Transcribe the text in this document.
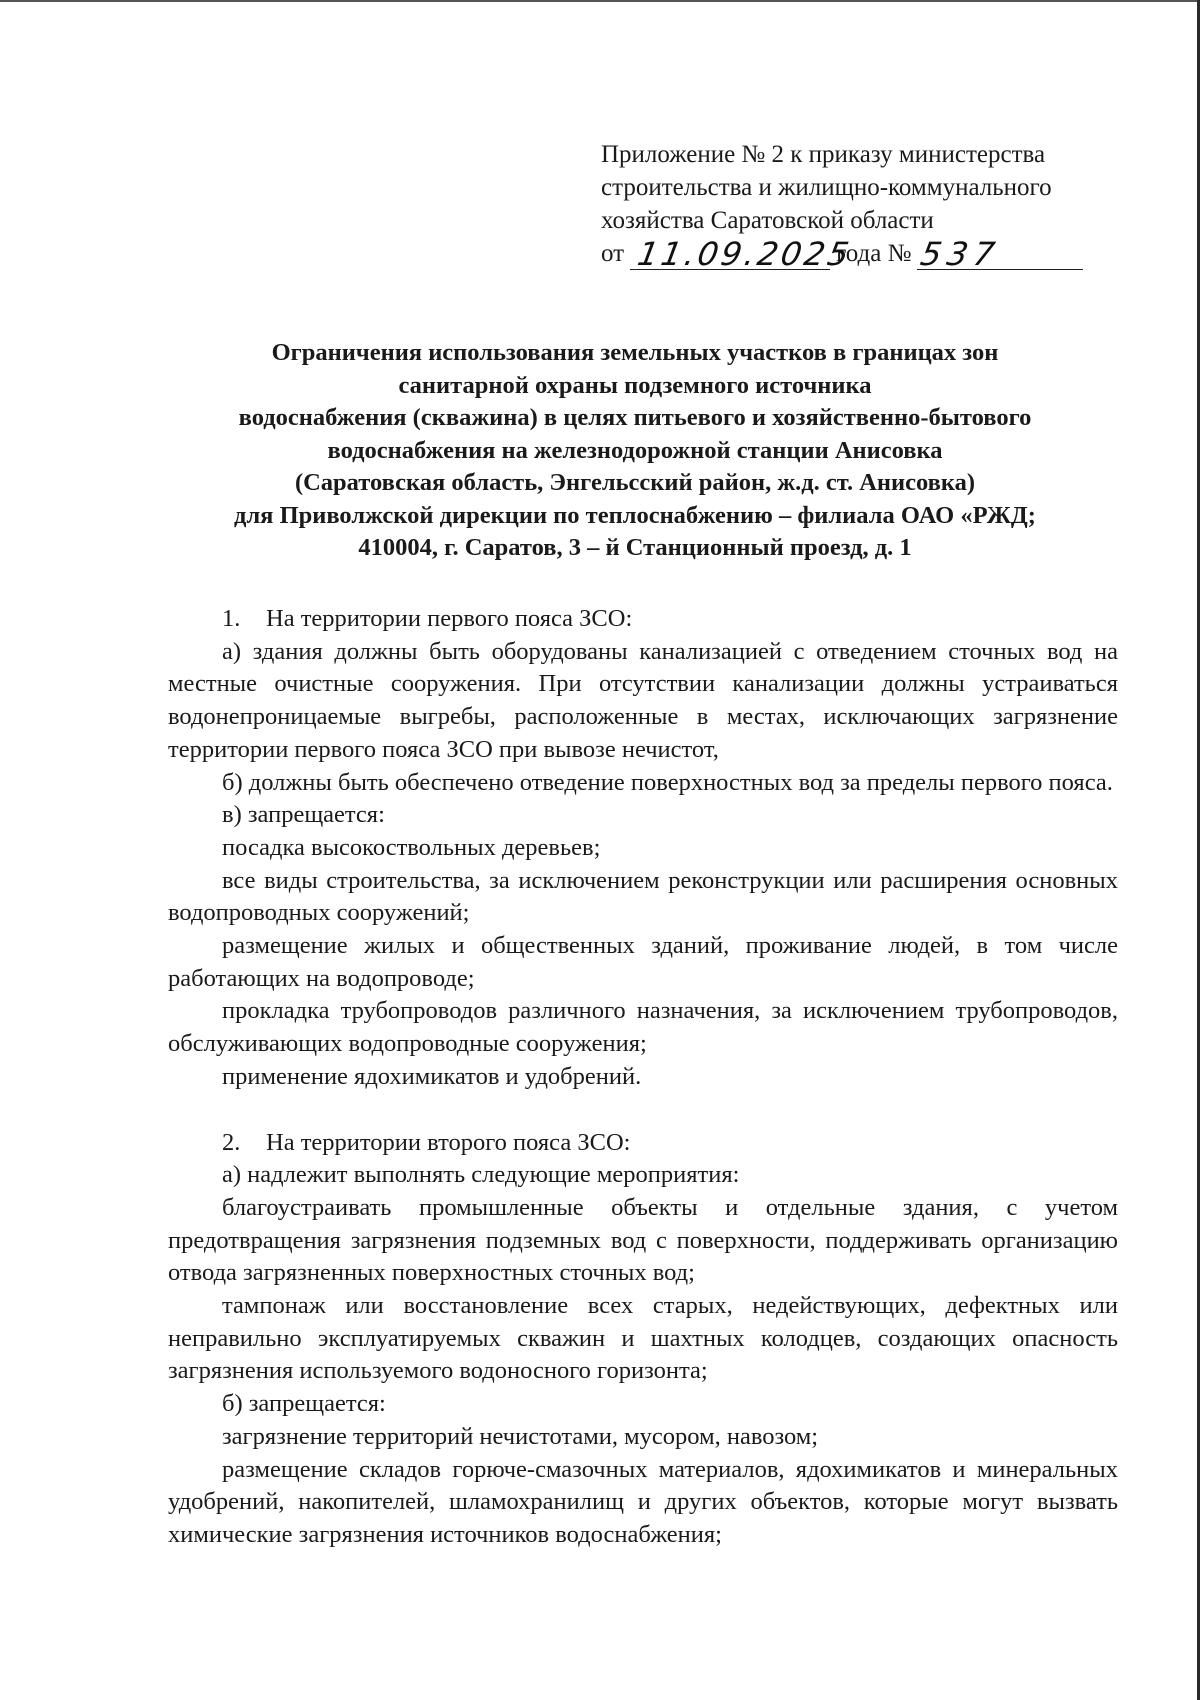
Приложение № 2 к приказу министерства
строительства и жилищно-коммунального
хозяйства Саратовской области
от 11.09.2025
года № 537
Ограничения использования земельных участков в границах зон
санитарной охраны подземного источника
водоснабжения (скважина) в целях питьевого и хозяйственно-бытового
водоснабжения на железнодорожной станции Анисовка
(Саратовская область, Энгельсский район, ж.д. ст. Анисовка)
для Приволжской дирекции по теплоснабжению – филиала ОАО «РЖД;
410004, г. Саратов, 3 – й Станционный проезд, д. 1

1. На территории первого пояса ЗСО:

а) здания должны быть оборудованы канализацией с отведением сточных вод на местные очистные сооружения. При отсутствии канализации должны устраиваться водонепроницаемые выгребы, расположенные в местах, исключающих загрязнение территории первого пояса ЗСО при вывозе нечистот,

б) должны быть обеспечено отведение поверхностных вод за пределы первого пояса.

в) запрещается:

посадка высокоствольных деревьев;

все виды строительства, за исключением реконструкции или расширения основных водопроводных сооружений;

размещение жилых и общественных зданий, проживание людей, в том числе работающих на водопроводе;

прокладка трубопроводов различного назначения, за исключением трубопроводов, обслуживающих водопроводные сооружения;

применение ядохимикатов и удобрений.

2. На территории второго пояса ЗСО:

а) надлежит выполнять следующие мероприятия:

благоустраивать промышленные объекты и отдельные здания, с учетом предотвращения загрязнения подземных вод с поверхности, поддерживать организацию отвода загрязненных поверхностных сточных вод;

тампонаж или восстановление всех старых, недействующих, дефектных или неправильно эксплуатируемых скважин и шахтных колодцев, создающих опасность загрязнения используемого водоносного горизонта;

б) запрещается:

загрязнение территорий нечистотами, мусором, навозом;

размещение складов горюче-смазочных материалов, ядохимикатов и минеральных удобрений, накопителей, шламохранилищ и других объектов, которые могут вызвать химические загрязнения источников водоснабжения;
